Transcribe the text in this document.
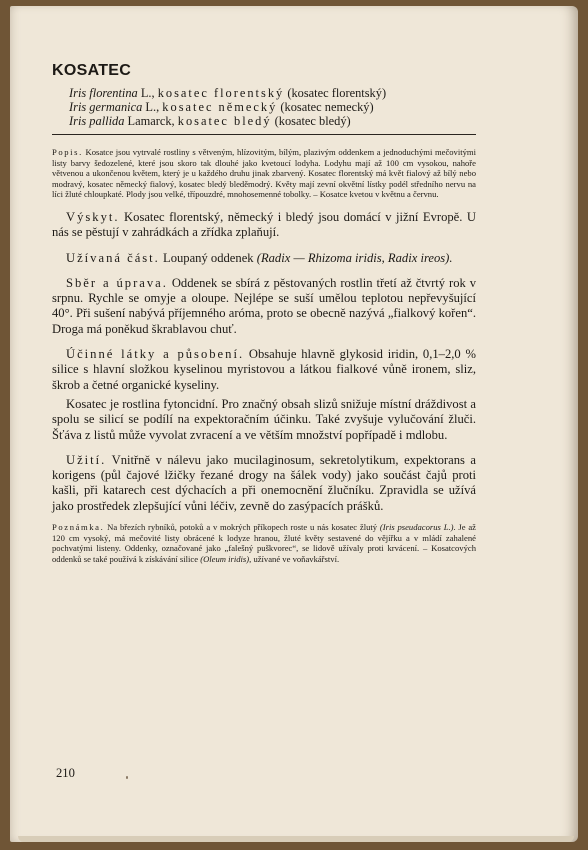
KOSATEC
Iris florentina L., kosatec florentský (kosatec florentský)
Iris germanica L., kosatec německý (kosatec nemecký)
Iris pallida Lamarck, kosatec bledý (kosatec bledý)

Popis. Kosatce jsou vytrvalé rostliny s větveným, hlízovitým, bílým, plazivým oddenkem a jednoduchými mečovitými listy barvy šedozelené, které jsou skoro tak dlouhé jako kvetoucí lodyha. Lodyhu mají až 100 cm vysokou, nahoře větvenou a ukončenou květem, který je u každého druhu jinak zbarvený. Kosatec florentský má květ fialový až bílý nebo modravý, kosatec německý fialový, kosatec bledý bleděmodrý. Květy mají zevní okvětní lístky podél středního nervu na líci žluté chloupkaté. Plody jsou velké, třípouzdré, mnohosemenné tobolky. – Kosatce kvetou v květnu a červnu.

Výskyt. Kosatec florentský, německý i bledý jsou domácí v jižní Evropě. U nás se pěstují v zahrádkách a zřídka zplaňují.

Užívaná část. Loupaný oddenek (Radix — Rhizoma iridis, Radix ireos).

Sběr a úprava. Oddenek se sbírá z pěstovaných rostlin třetí až čtvrtý rok v srpnu. Rychle se omyje a oloupe. Nejlépe se suší umělou teplotou nepřevyšující 40°. Při sušení nabývá příjemného aróma, proto se obecně nazývá „fialkový kořen“. Droga má poněkud škrablavou chuť.

Účinné látky a působení. Obsahuje hlavně glykosid iridin, 0,1–2,0 % silice s hlavní složkou kyselinou myristovou a látkou fialkové vůně ironem, sliz, škrob a četné organické kyseliny.

Kosatec je rostlina fytoncidní. Pro značný obsah slizů snižuje místní dráždivost a spolu se silicí se podílí na expektoračním účinku. Také zvyšuje vylučování žluči. Šťáva z listů může vyvolat zvracení a ve větším množství popřípadě i mdlobu.

Užití. Vnitřně v nálevu jako mucilaginosum, sekretolytikum, expektorans a korigens (půl čajové lžičky řezané drogy na šálek vody) jako součást čajů proti kašli, při katarech cest dýchacích a při onemocnění žlučníku. Zpravidla se užívá jako prostředek zlepšující vůni léčiv, zevně do zasýpacích prášků.

Poznámka. Na březích rybníků, potoků a v mokrých příkopech roste u nás kosatec žlutý (Iris pseudacorus L.). Je až 120 cm vysoký, má mečovité listy obrácené k lodyze hranou, žluté květy sestavené do vějířku a v mládí zahalené pochvatými listeny. Oddenky, označované jako „falešný puškvorec“, se lidově užívaly proti krvácení. – Kosatcových oddenků se také používá k získávání silice (Oleum iridis), užívané ve voňavkářství.

210
